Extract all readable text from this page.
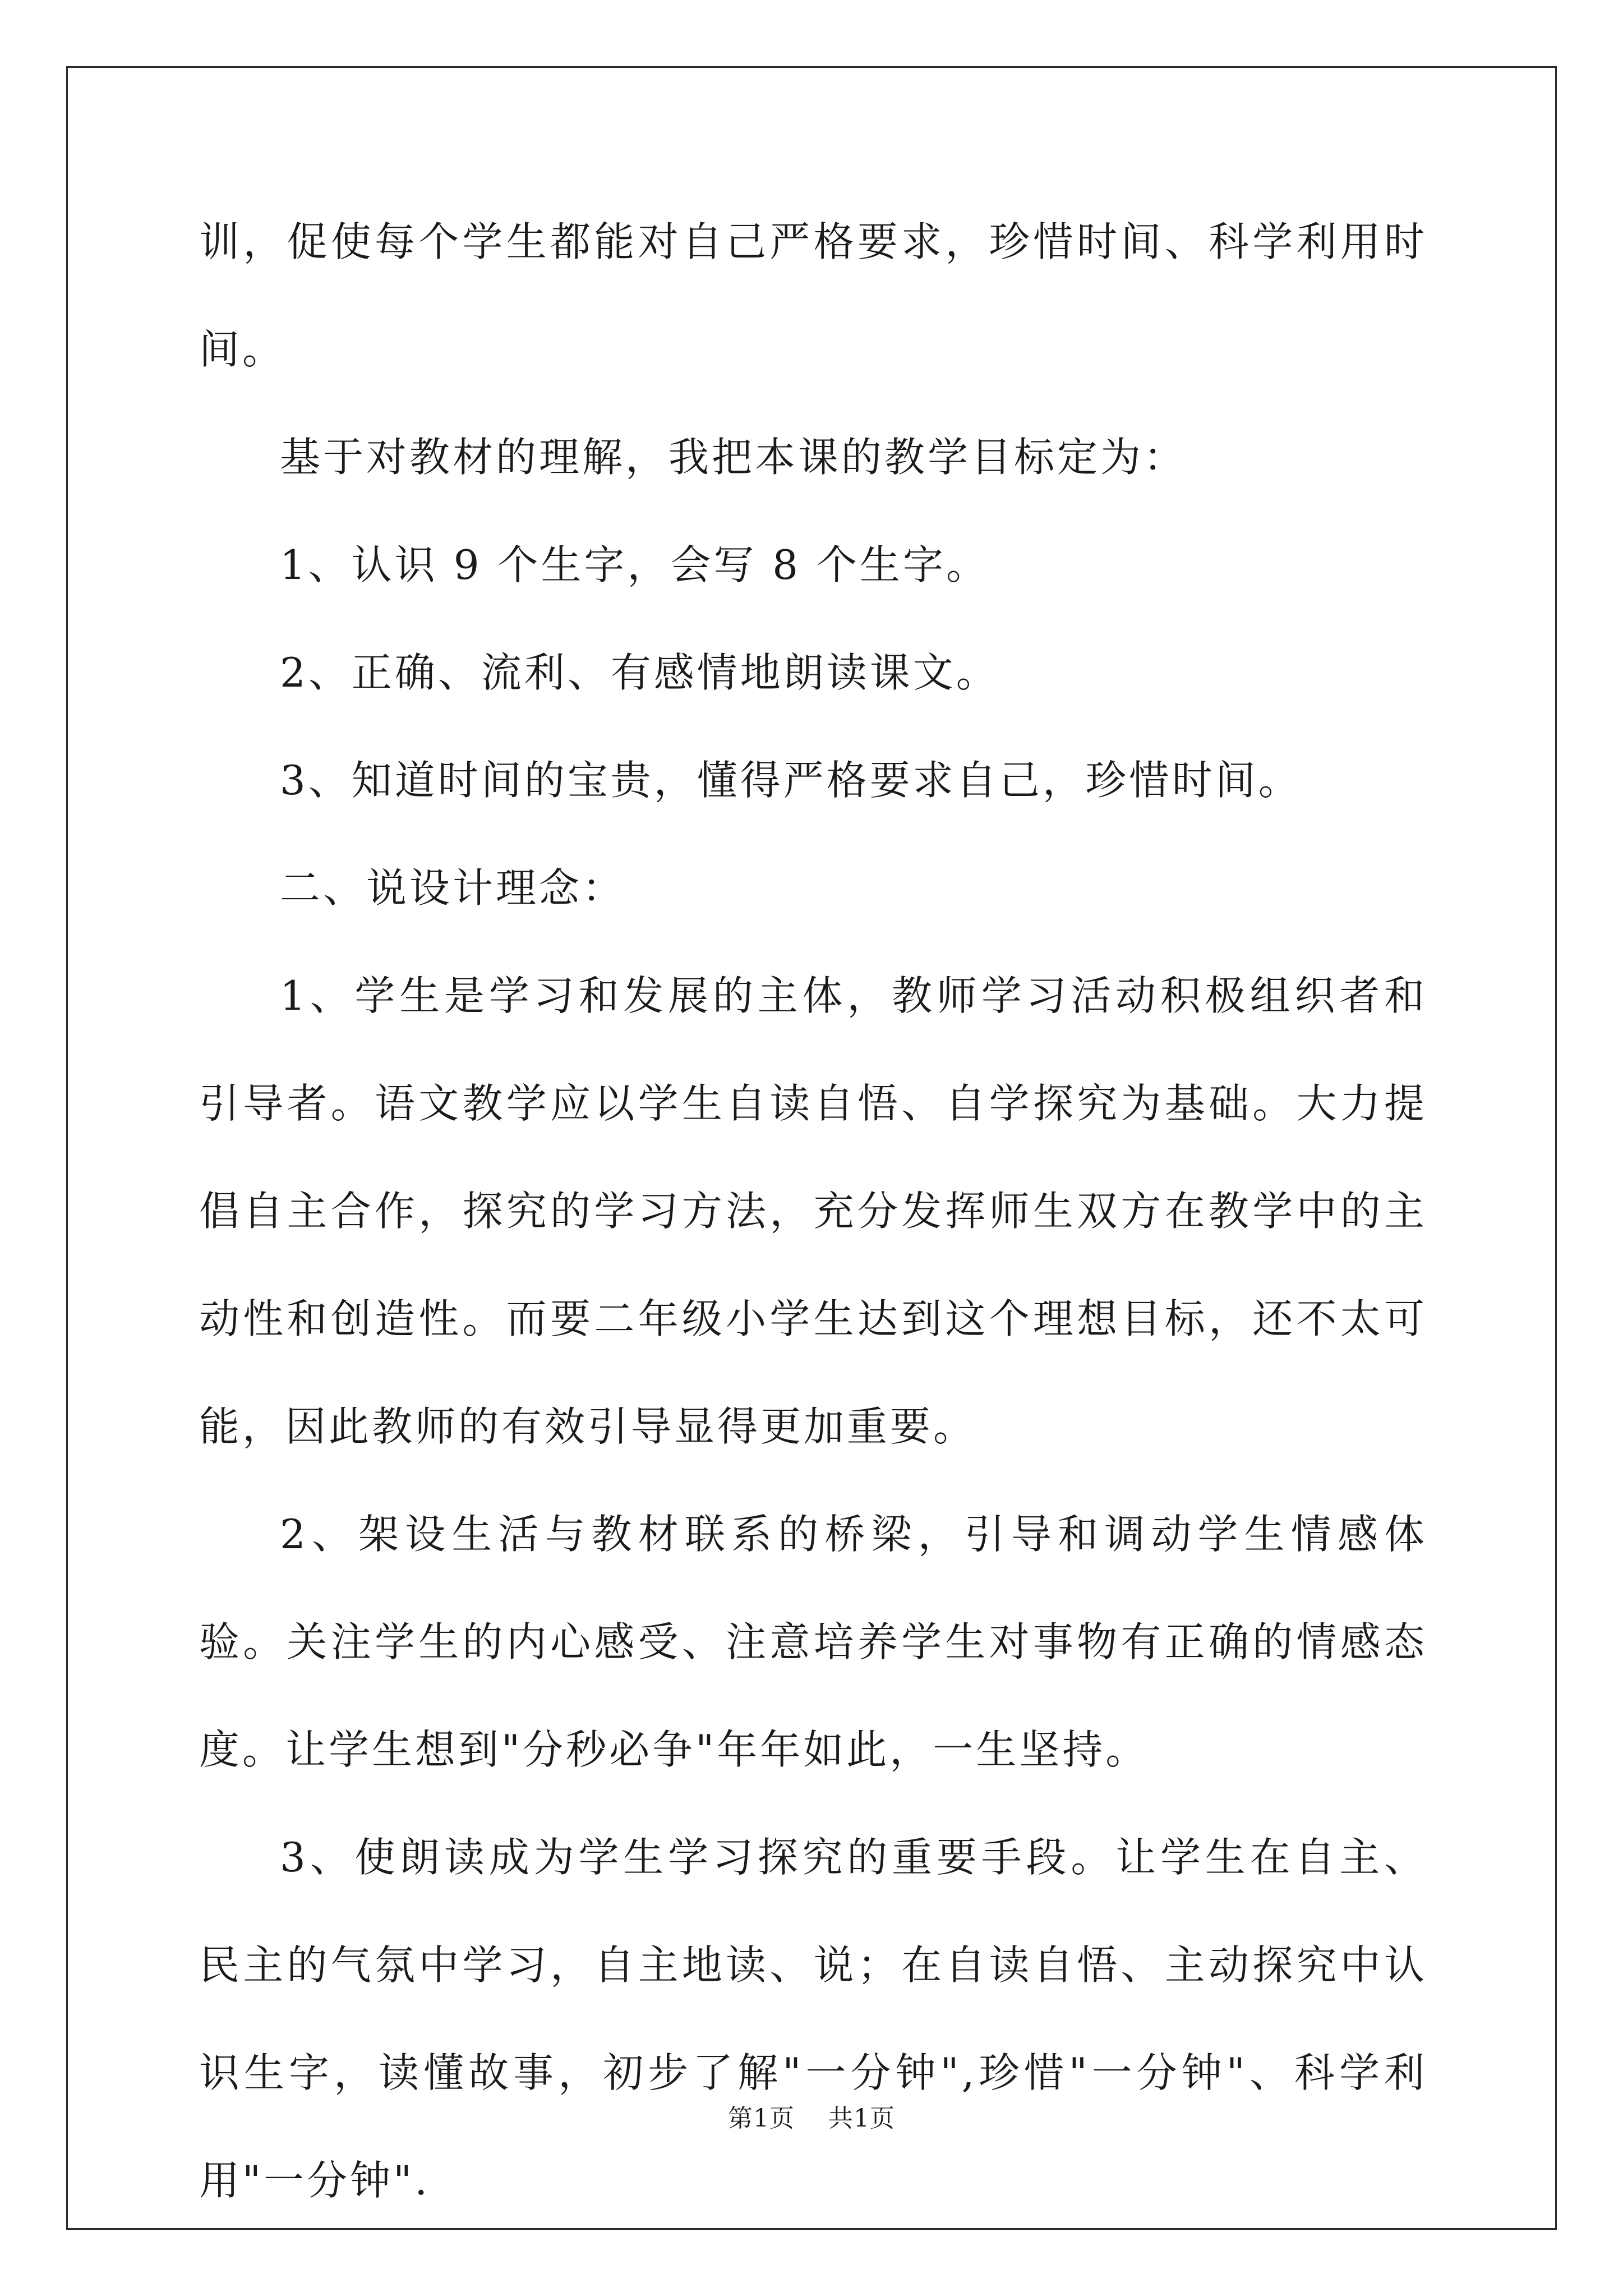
训，促使每个学生都能对自己严格要求，珍惜时间、科学利用时间。

基于对教材的理解，我把本课的教学目标定为：

1、认识 9 个生字，会写 8 个生字。

2、正确、流利、有感情地朗读课文。

3、知道时间的宝贵，懂得严格要求自己，珍惜时间。

二、说设计理念：

1、学生是学习和发展的主体，教师学习活动积极组织者和引导者。语文教学应以学生自读自悟、自学探究为基础。大力提倡自主合作，探究的学习方法，充分发挥师生双方在教学中的主动性和创造性。而要二年级小学生达到这个理想目标，还不太可能，因此教师的有效引导显得更加重要。

2、架设生活与教材联系的桥梁，引导和调动学生情感体验。关注学生的内心感受、注意培养学生对事物有正确的情感态度。让学生想到"分秒必争"年年如此，一生坚持。

3、使朗读成为学生学习探究的重要手段。让学生在自主、民主的气氛中学习，自主地读、说；在自读自悟、主动探究中认识生字，读懂故事，初步了解"一分钟",珍惜"一分钟"、科学利用"一分钟".

第1页 共1页
